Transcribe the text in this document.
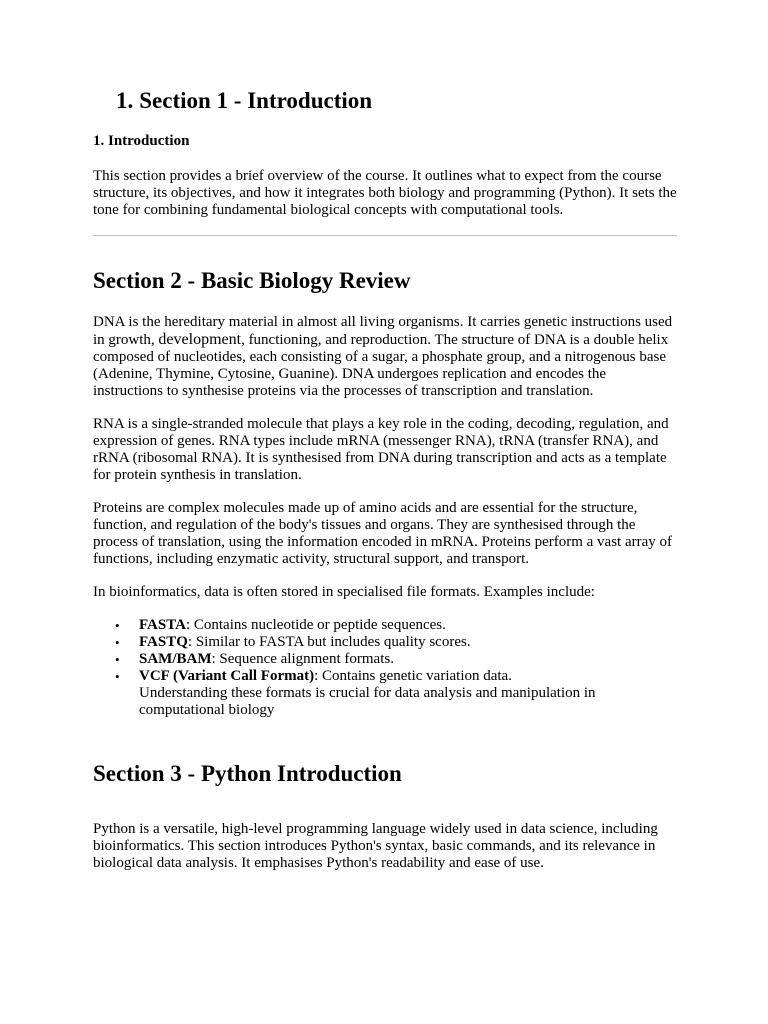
1. Section 1 - Introduction
1. Introduction

This section provides a brief overview of the course. It outlines what to expect from the course structure, its objectives, and how it integrates both biology and programming (Python). It sets the tone for combining fundamental biological concepts with computational tools.

Section 2 - Basic Biology Review

DNA is the hereditary material in almost all living organisms. It carries genetic instructions used in growth, development, functioning, and reproduction. The structure of DNA is a double helix composed of nucleotides, each consisting of a sugar, a phosphate group, and a nitrogenous base (Adenine, Thymine, Cytosine, Guanine). DNA undergoes replication and encodes the instructions to synthesise proteins via the processes of transcription and translation.

RNA is a single-stranded molecule that plays a key role in the coding, decoding, regulation, and expression of genes. RNA types include mRNA (messenger RNA), tRNA (transfer RNA), and rRNA (ribosomal RNA). It is synthesised from DNA during transcription and acts as a template for protein synthesis in translation.

Proteins are complex molecules made up of amino acids and are essential for the structure, function, and regulation of the body's tissues and organs. They are synthesised through the process of translation, using the information encoded in mRNA. Proteins perform a vast array of functions, including enzymatic activity, structural support, and transport.

In bioinformatics, data is often stored in specialised file formats. Examples include:

• FASTA: Contains nucleotide or peptide sequences.
• FASTQ: Similar to FASTA but includes quality scores.
• SAM/BAM: Sequence alignment formats.
• VCF (Variant Call Format): Contains genetic variation data.
Understanding these formats is crucial for data analysis and manipulation in computational biology
Section 3 - Python Introduction

Python is a versatile, high-level programming language widely used in data science, including bioinformatics. This section introduces Python's syntax, basic commands, and its relevance in biological data analysis. It emphasises Python's readability and ease of use.
